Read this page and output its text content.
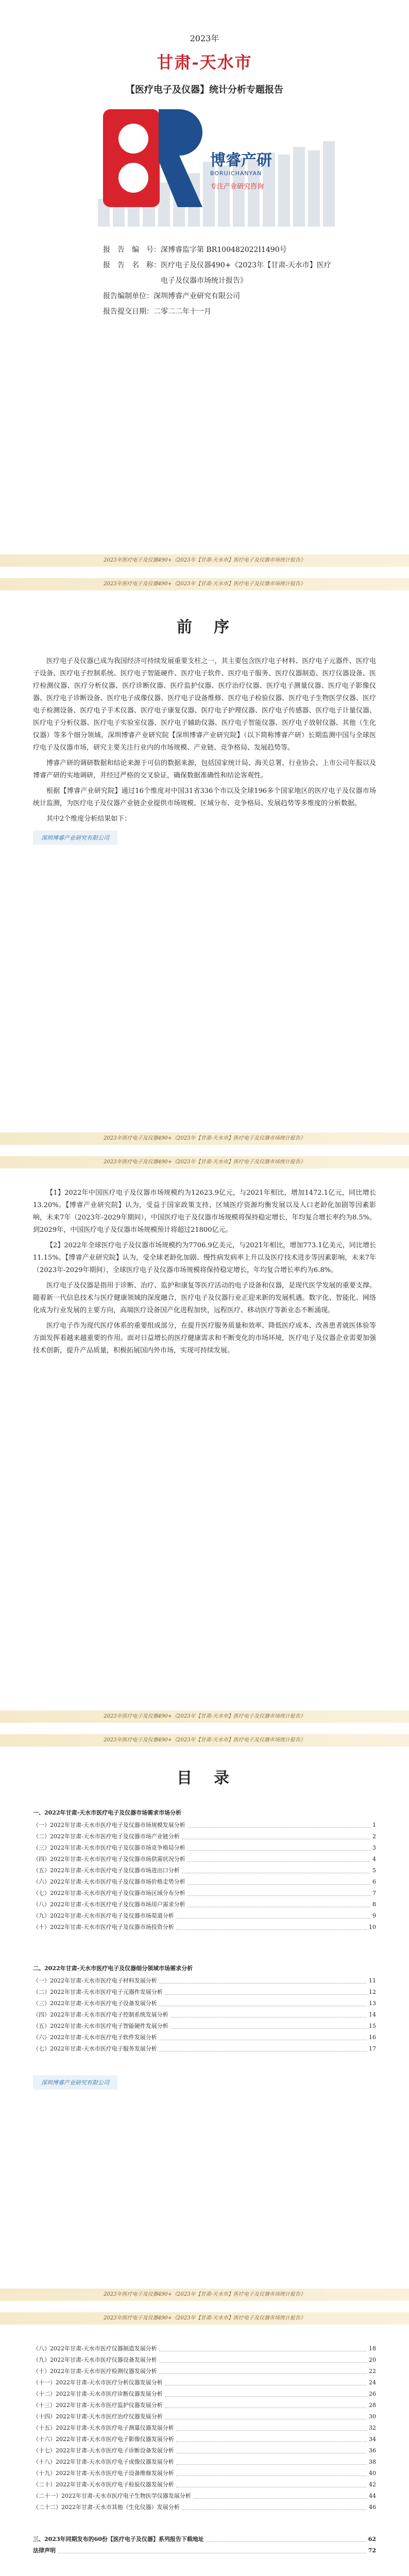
2023年
甘肃-天水市
【医疗电子及仪器】统计分析专题报告
博睿产研
BORUICHANYAN
专注产业研究咨询
报　告　编　号： 深博睿监字第 BR100482022I1490号
报　告　名　称： 医疗电子及仪器490+《2023年【甘肃-天水市】医疗电子及仪器市场统计报告》
报告编制单位： 深圳博睿产业研究有限公司
报告提交日期： 二零二二年十一月
2023年医疗电子及仪器490+《2023年【甘肃-天水市】医疗电子及仪器市场统计报告》
2023年医疗电子及仪器490+《2023年【甘肃-天水市】医疗电子及仪器市场统计报告》
前　序

医疗电子及仪器已成为我国经济可持续发展重要支柱之一，其主要包含医疗电子材料、医疗电子元器件、医疗电子设备、医疗电子控制系统、医疗电子智能硬件、医疗电子软件、医疗电子服务、医疗仪器制造、医疗仪器设备、医疗检测仪器、医疗分析仪器、医疗诊断仪器、医疗监护仪器、医疗治疗仪器、医疗电子测量仪器、医疗电子影像仪器、医疗电子诊断设备、医疗电子成像仪器、医疗电子设备维修、医疗电子检验仪器、医疗电子生物医学仪器、医疗电子检测设备、医疗电子手术仪器、医疗电子康复仪器、医疗电子护理仪器、医疗电子传感器、医疗电子计量仪器、医疗电子分析仪器、医疗电子实验室仪器、医疗电子辅助仪器、医疗电子智能仪器、医疗电子放射仪器、其他（生化仪器）等多个细分领域。深圳博睿产业研究院【深圳博睿产业研究院】（以下简称博睿产研）长期监测中国与全球医疗电子及仪器市场，研究主要关注行业内的市场规模、产业链、竞争格局、发展趋势等。

博睿产研的调研数据和结论来源于可信的数据来源，包括国家统计局、海关总署、行业协会、上市公司年报以及博睿产研的实地调研，并经过严格的交叉验证，确保数据准确性和结论客观性。

根据【博睿产业研究院】通过16个维度对中国31省336个市以及全球196多个国家地区的医疗电子及仪器市场统计监测，为医疗电子及仪器产业链企业提供市场规模、区域分布、竞争格局、发展趋势等多维度的分析数据。

其中2个维度分析结果如下：

深圳博睿产业研究有限公司
2023年医疗电子及仪器490+《2023年【甘肃-天水市】医疗电子及仪器市场统计报告》
2023年医疗电子及仪器490+《2023年【甘肃-天水市】医疗电子及仪器市场统计报告》

【1】2022年中国医疗电子及仪器市场规模约为12623.9亿元，与2021年相比，增加1472.1亿元，同比增长13.20%。【博睿产业研究院】认为，受益于国家政策支持、区域医疗资源均衡发展以及人口老龄化加剧等因素影响，未来7年（2023年-2029年期间），中国医疗电子及仪器市场规模将保持稳定增长，年均复合增长率约为8.5%。到2029年，中国医疗电子及仪器市场规模预计将超过21800亿元。

【2】2022年全球医疗电子及仪器市场规模约为7706.9亿美元，与2021年相比，增加773.1亿美元，同比增长11.15%。【博睿产业研究院】认为，受全球老龄化加剧、慢性病发病率上升以及医疗技术进步等因素影响，未来7年（2023年-2029年期间），全球医疗电子及仪器市场规模将保持稳定增长，年均复合增长率约为6.8%。

医疗电子及仪器是指用于诊断、治疗、监护和康复等医疗活动的电子设备和仪器，是现代医学发展的重要支撑。随着新一代信息技术与医疗健康领域的深度融合，医疗电子及仪器行业正迎来新的发展机遇。数字化、智能化、网络化成为行业发展的主要方向，高端医疗设备国产化进程加快，远程医疗、移动医疗等新业态不断涌现。

医疗电子作为现代医疗体系的重要组成部分，在提升医疗服务质量和效率、降低医疗成本、改善患者就医体验等方面发挥着越来越重要的作用。面对日益增长的医疗健康需求和不断变化的市场环境，医疗电子及仪器企业需要加强技术创新，提升产品质量，积极拓展国内外市场，实现可持续发展。

2023年医疗电子及仪器490+《2023年【甘肃-天水市】医疗电子及仪器市场统计报告》
2023年医疗电子及仪器490+《2023年【甘肃-天水市】医疗电子及仪器市场统计报告》
目　录
一、2022年甘肃-天水市医疗电子及仪器市场需求市场分析
（一）2022年甘肃-天水市医疗电子及仪器市场规模发展分析	1
（二）2022年甘肃-天水市医疗电子及仪器市场产业链分析	2
（三）2022年甘肃-天水市医疗电子及仪器市场竞争格局分析	3
（四）2022年甘肃-天水市医疗电子及仪器市场供需状况分析	4
（五）2022年甘肃-天水市医疗电子及仪器市场进出口分析	5
（六）2022年甘肃-天水市医疗电子及仪器市场价格走势分析	6
（七）2022年甘肃-天水市医疗电子及仪器市场区域分布分析	7
（八）2022年甘肃-天水市医疗电子及仪器市场用户需求分析	8
（九）2022年甘肃-天水市医疗电子及仪器市场渠道分析	9
（十）2022年甘肃-天水市医疗电子及仪器市场投资分析	10
二、2022年甘肃-天水市医疗电子及仪器细分领域市场需求分析
（一）2022年甘肃-天水市医疗电子材料发展分析	11
（二）2022年甘肃-天水市医疗电子元器件发展分析	12
（三）2022年甘肃-天水市医疗电子设备发展分析	13
（四）2022年甘肃-天水市医疗电子控制系统发展分析	14
（五）2022年甘肃-天水市医疗电子智能硬件发展分析	15
（六）2022年甘肃-天水市医疗电子软件发展分析	16
（七）2022年甘肃-天水市医疗电子服务发展分析	17
深圳博睿产业研究有限公司
2023年医疗电子及仪器490+《2023年【甘肃-天水市】医疗电子及仪器市场统计报告》
2023年医疗电子及仪器490+《2023年【甘肃-天水市】医疗电子及仪器市场统计报告》
（八）2022年甘肃-天水市医疗仪器制造发展分析	18
（九）2022年甘肃-天水市医疗仪器设备发展分析	20
（十）2022年甘肃-天水市医疗检测仪器发展分析	22
（十一）2022年甘肃-天水市医疗分析仪器发展分析	24
（十二）2022年甘肃-天水市医疗诊断仪器发展分析	26
（十三）2022年甘肃-天水市医疗监护仪器发展分析	28
（十四）2022年甘肃-天水市医疗治疗仪器发展分析	30
（十五）2022年甘肃-天水市医疗电子测量仪器发展分析	32
（十六）2022年甘肃-天水市医疗电子影像仪器发展分析	34
（十七）2022年甘肃-天水市医疗电子诊断设备发展分析	36
（十八）2022年甘肃-天水市医疗电子成像仪器发展分析	38
（十九）2022年甘肃-天水市医疗电子设备维修发展分析	40
（二十）2022年甘肃-天水市医疗电子检验仪器发展分析	42
（二十一）2022年甘肃-天水市医疗电子生物医学仪器发展分析	44
（二十二）2022年甘肃-天水市其他（生化仪器）发展分析	46
三、2023年同期发布的60份【医疗电子及仪器】系列报告下载地址	62
法律声明	72
